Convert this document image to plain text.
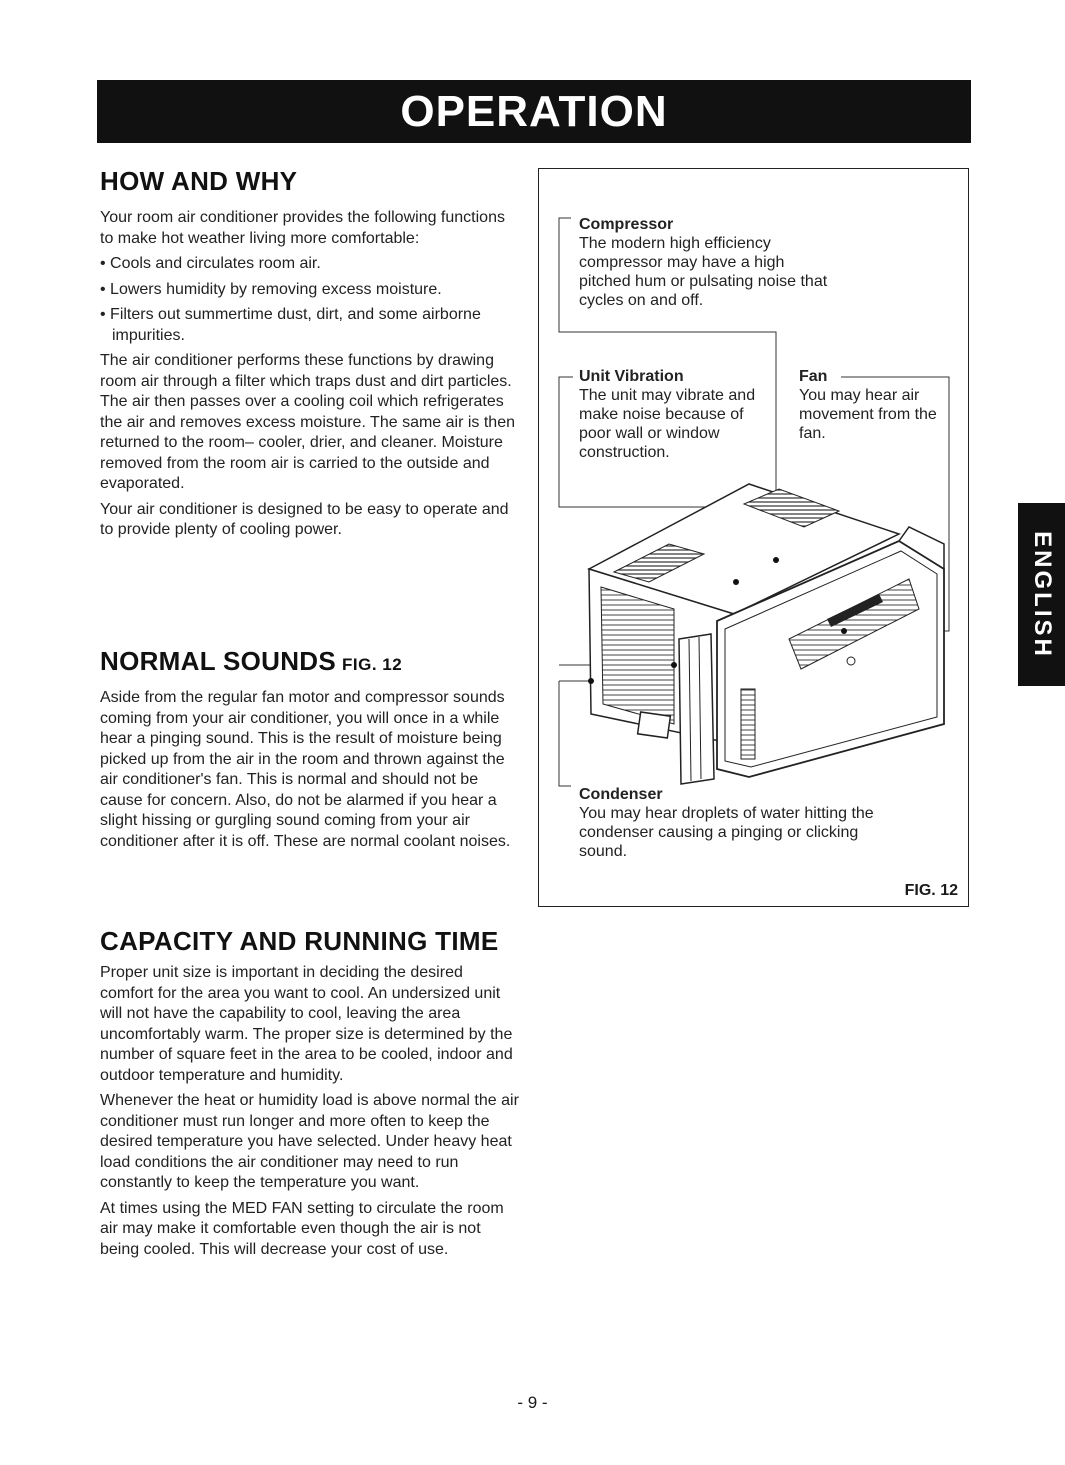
OPERATION
HOW AND WHY

Your room air conditioner provides the following functions to make hot weather living more comfortable:

• Cools and circulates room air.
• Lowers humidity by removing excess moisture.
• Filters out summertime dust, dirt, and some airborne impurities.

The air conditioner performs these functions by drawing room air through a filter which traps dust and dirt particles. The air then passes over a cooling coil which refrigerates the air and removes excess moisture. The same air is then returned to the room– cooler, drier, and cleaner. Moisture removed from the room air is carried to the outside and evaporated.

Your air conditioner is designed to be easy to operate and to provide plenty of cooling power.

NORMAL SOUNDS FIG. 12

Aside from the regular fan motor and compressor sounds coming from your air conditioner, you will once in a while hear a pinging sound. This is the result of moisture being picked up from the air in the room and thrown against the air conditioner's fan. This is normal and should not be cause for concern. Also, do not be alarmed if you hear a slight hissing or gurgling sound coming from your air conditioner after it is off. These are normal coolant noises.

CAPACITY AND RUNNING TIME

Proper unit size is important in deciding the desired comfort for the area you want to cool. An undersized unit will not have the capability to cool, leaving the area uncomfortably warm. The proper size is determined by the number of square feet in the area to be cooled, indoor and outdoor temperature and humidity.

Whenever the heat or humidity load is above normal the air conditioner must run longer and more often to keep the desired temperature you have selected. Under heavy heat load conditions the air conditioner may need to run constantly to keep the temperature you want.

At times using the MED FAN setting to circulate the room air may make it comfortable even though the air is not being cooled. This will decrease your cost of use.

Compressor
The modern high efficiency compressor may have a high pitched hum or pulsating noise that cycles on and off.
Unit Vibration
The unit may vibrate and make noise because of poor wall or window construction.
Fan
You may hear air movement from the fan.
Condenser
You may hear droplets of water hitting the condenser causing a pinging or clicking sound.
FIG. 12
ENGLISH
- 9 -
